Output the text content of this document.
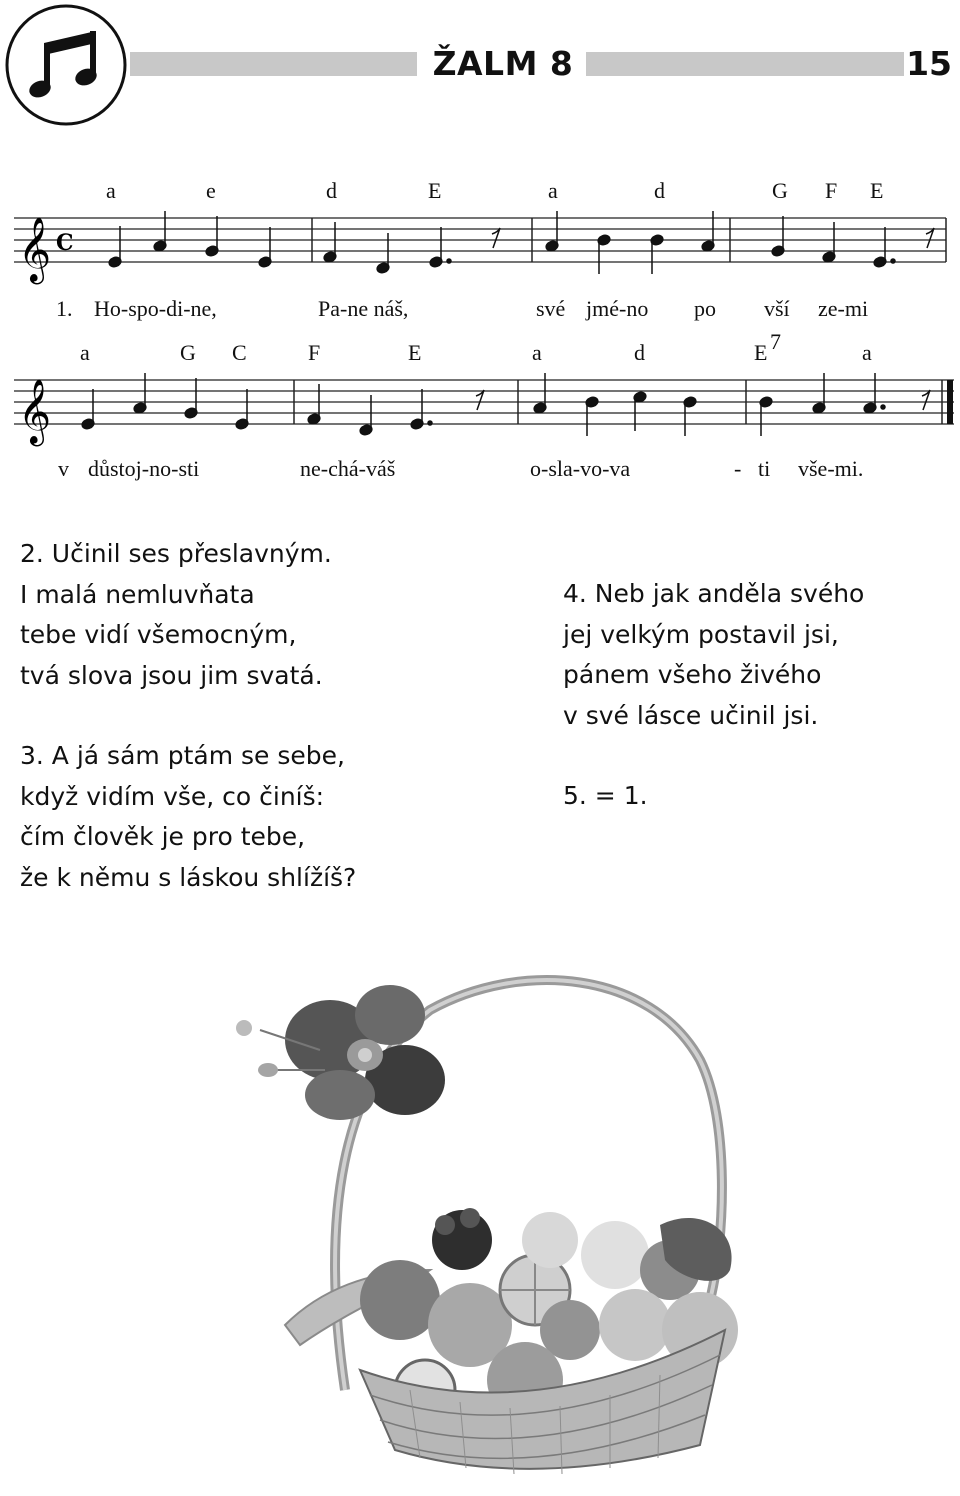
ŽALM 8	15
𝄞 C
a	e	d	E	a	d	G F E
1. Ho-spo-di-ne,	Pa-ne náš,	své jmé-no po vší ze-mi
𝄞
a	G C	F	E	a	d	E 7	a
v důstoj-no-sti	ne-chá-váš	o-sla-vo-va	- ti vše-mi.
2. Učinil ses přeslavným.
I malá nemluvňata
tebe vidí všemocným,
tvá slova jsou jim svatá.
3. A já sám ptám se sebe,
když vidím vše, co činíš:
čím člověk je pro tebe,
že k němu s láskou shlížíš?
4. Neb jak anděla svého
jej velkým postavil jsi,
pánem všeho živého
v své lásce učinil jsi.
5. = 1.
